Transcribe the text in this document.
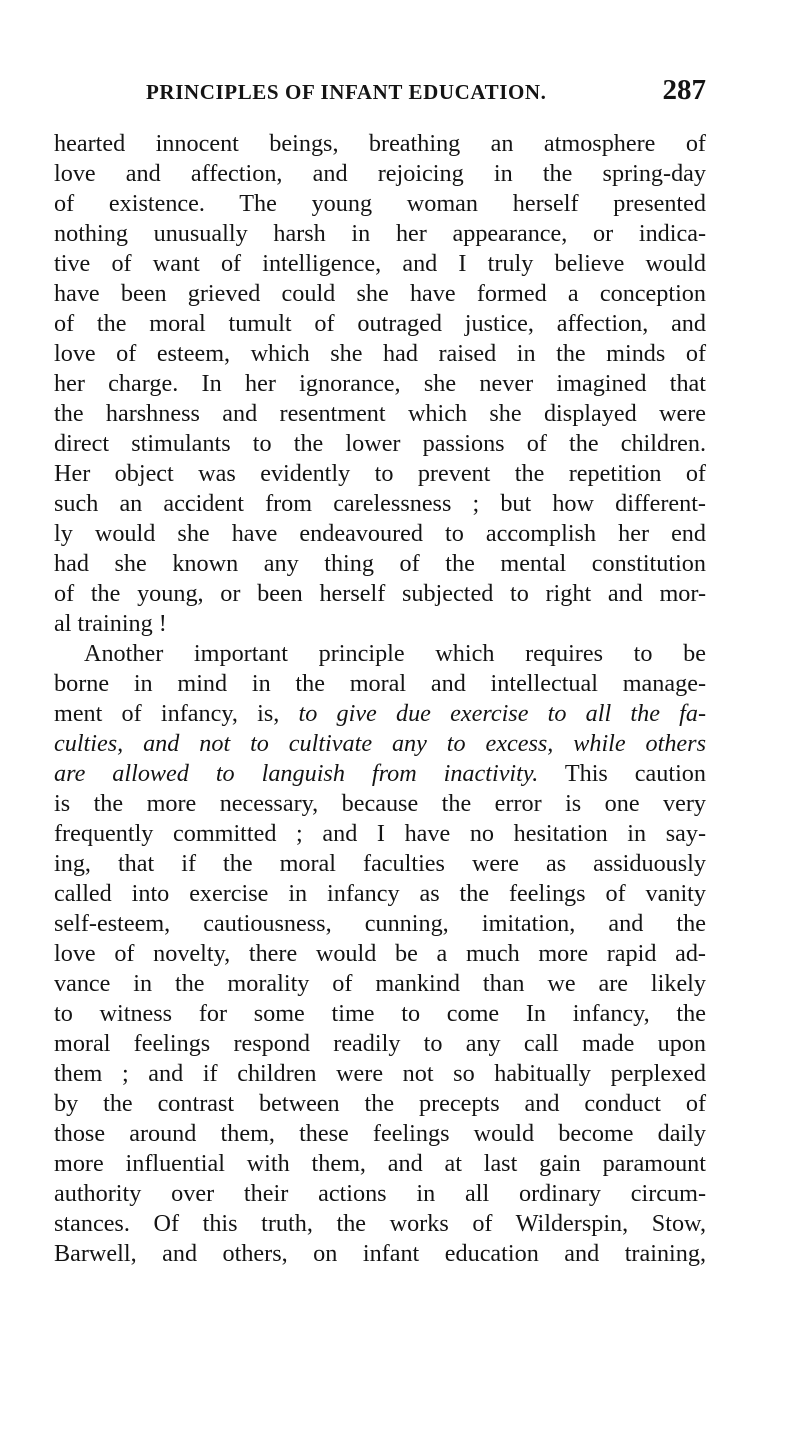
PRINCIPLES OF INFANT EDUCATION.	287
hearted innocent beings, breathing an atmosphere of
love and affection, and rejoicing in the spring-day
of existence. The young woman herself presented
nothing unusually harsh in her appearance, or indica-
tive of want of intelligence, and I truly believe would
have been grieved could she have formed a conception
of the moral tumult of outraged justice, affection, and
love of esteem, which she had raised in the minds of
her charge. In her ignorance, she never imagined that
the harshness and resentment which she displayed were
direct stimulants to the lower passions of the children.
Her object was evidently to prevent the repetition of
such an accident from carelessness ; but how different-
ly would she have endeavoured to accomplish her end
had she known any thing of the mental constitution
of the young, or been herself subjected to right and mor-
al training !
Another important principle which requires to be
borne in mind in the moral and intellectual manage-
ment of infancy, is, to give due exercise to all the fa-
culties, and not to cultivate any to excess, while others
are allowed to languish from inactivity. This caution
is the more necessary, because the error is one very
frequently committed ; and I have no hesitation in say-
ing, that if the moral faculties were as assiduously
called into exercise in infancy as the feelings of vanity
self-esteem, cautiousness, cunning, imitation, and the
love of novelty, there would be a much more rapid ad-
vance in the morality of mankind than we are likely
to witness for some time to come In infancy, the
moral feelings respond readily to any call made upon
them ; and if children were not so habitually perplexed
by the contrast between the precepts and conduct of
those around them, these feelings would become daily
more influential with them, and at last gain paramount
authority over their actions in all ordinary circum-
stances. Of this truth, the works of Wilderspin, Stow,
Barwell, and others, on infant education and training,
